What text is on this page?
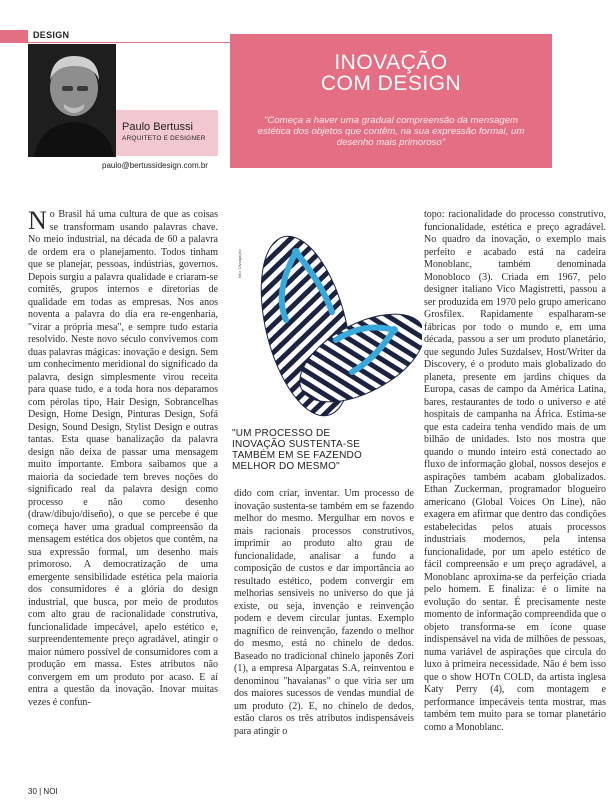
DESIGN
Paulo Bertussi
ARQUITETO E DESIGNER
paulo@bertussidesign.com.br
INOVAÇÃO
COM DESIGN
"Começa a haver uma gradual compreensão da mensagem estética dos objetos que contêm, na sua expressão formal, um desenho mais primoroso"

No Brasil há uma cultura de que as coisas se transformam usando palavras chave. No meio industrial, na década de 60 a palavra de ordem era o planejamento. Todos tinham que se planejar, pessoas, indústrias, governos. Depois surgiu a palavra qualidade e criaram-se comitês, grupos internos e diretorias de qualidade em todas as empresas. Nos anos noventa a palavra do dia era re-engenharia, "virar a própria mesa", e sempre tudo estaria resolvido. Neste novo século convivemos com duas palavras mágicas: inovação e design. Sem um conhecimento meridional do significado da palavra, design simplesmente virou receita para quase tudo, e a toda hora nos deparamos com pérolas tipo, Hair Design, Sobrancelhas Design, Home Design, Pinturas Design, Sofá Design, Sound Design, Stylist Design e outras tantas. Esta quase banalização da palavra design não deixa de passar uma mensagem muito importante. Embora saibamos que a maioria da sociedade tem breves noções do significado real da palavra design como processo e não como desenho (draw/dibujo/diseño), o que se percebe é que começa haver uma gradual compreensão da mensagem estética dos objetos que contêm, na sua expressão formal, um desenho mais primoroso. A democratização de uma emergente sensibilidade estética pela maioria dos consumidores é a glória do design industrial, que busca, por meio de produtos com alto grau de racionalidade construtiva, funcionalidade impecável, apelo estético e, surpreendentemente preço agradável, atingir o maior número possível de consumidores com a produção em massa. Estes atributos não convergem em um produto por acaso. E aí entra a questão da inovação. Inovar muitas vezes é confun-

foto: Divulgação
"UM PROCESSO DE INOVAÇÃO SUSTENTA-SE TAMBÉM EM SE FAZENDO MELHOR DO MESMO"

dido com criar, inventar. Um processo de inovação sustenta-se também em se fazendo melhor do mesmo. Mergulhar em novos e mais racionais processos construtivos, imprimir ao produto alto grau de funcionalidade, analisar a fundo a composição de custos e dar importância ao resultado estético, podem convergir em melhorias sensíveis no universo do que já existe, ou seja, invenção e reinvenção podem e devem circular juntas. Exemplo magnífico de reinvenção, fazendo o melhor do mesmo, está no chinelo de dedos. Baseado no tradicional chinelo japonês Zori (1), a empresa Alpargatas S.A, reinventou e denominou "havaianas" o que viria ser um dos maiores sucessos de vendas mundial de um produto (2). E, no chinelo de dedos, estão claros os três atributos indispensáveis para atingir o

topo: racionalidade do processo construtivo, funcionalidade, estética e preço agradável. No quadro da inovação, o exemplo mais perfeito e acabado está na cadeira Monoblanc, também denominada Monobloco (3). Criada em 1967, pelo designer italiano Vico Magistretti, passou a ser produzida em 1970 pelo grupo americano Grosfilex. Rapidamente espalharam-se fábricas por todo o mundo e, em uma década, passou a ser um produto planetário, que segundo Jules Suzdalsev, Host/Writer da Discovery, é o produto mais globalizado do planeta, presente em jardins chiques da Europa, casas de campo da América Latina, bares, restaurantes de todo o universo e até hospitais de campanha na África. Estima-se que esta cadeira tenha vendido mais de um bilhão de unidades. Isto nos mostra que quando o mundo inteiro está conectado ao fluxo de informação global, nossos desejos e aspirações também acabam globalizados. Ethan Zuckerman, programador blogueiro americano (Global Voices On Line), não exagera em afirmar que dentro das condições estabelecidas pelos atuais processos industriais modernos, pela intensa funcionalidade, por um apelo estético de fácil compreensão e um preço agradável, a Monoblanc aproxima-se da perfeição criada pelo homem. E finaliza: é o limite na evolução do sentar. É precisamente neste momento de informação compreendida que o objeto transforma-se em ícone quase indispensável na vida de milhões de pessoas, numa variável de aspirações que circula do luxo à primeira necessidade. Não é bem isso que o show HOTn COLD, da artista inglesa Katy Perry (4), com montagem e performance impecáveis tenta mostrar, mas também tem muito para se tornar planetário como a Monoblanc.

30 | NOI
